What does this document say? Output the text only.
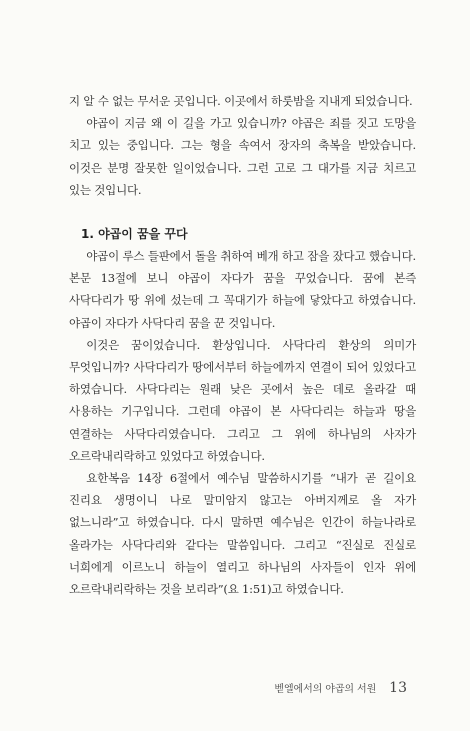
지 알 수 없는 무서운 곳입니다. 이곳에서 하룻밤을 지내게 되었습니다.

야곱이 지금 왜 이 길을 가고 있습니까? 야곱은 죄를 짓고 도망을 치고 있는 중입니다. 그는 형을 속여서 장자의 축복을 받았습니다. 이것은 분명 잘못한 일이었습니다. 그런 고로 그 대가를 지금 치르고 있는 것입니다.

1. 야곱이 꿈을 꾸다

야곱이 루스 들판에서 돌을 취하여 베개 하고 잠을 잤다고 했습니다. 본문 13절에 보니 야곱이 자다가 꿈을 꾸었습니다. 꿈에 본즉 사닥다리가 땅 위에 섰는데 그 꼭대기가 하늘에 닿았다고 하였습니다. 야곱이 자다가 사닥다리 꿈을 꾼 것입니다.

이것은 꿈이었습니다. 환상입니다. 사닥다리 환상의 의미가 무엇입니까? 사닥다리가 땅에서부터 하늘에까지 연결이 되어 있었다고 하였습니다. 사닥다리는 원래 낮은 곳에서 높은 데로 올라갈 때 사용하는 기구입니다. 그런데 야곱이 본 사닥다리는 하늘과 땅을 연결하는 사닥다리였습니다. 그리고 그 위에 하나님의 사자가 오르락내리락하고 있었다고 하였습니다.

요한복음 14장 6절에서 예수님 말씀하시기를 “내가 곧 길이요 진리요 생명이니 나로 말미암지 않고는 아버지께로 올 자가 없느니라”고 하였습니다. 다시 말하면 예수님은 인간이 하늘나라로 올라가는 사닥다리와 같다는 말씀입니다. 그리고 “진실로 진실로 너희에게 이르노니 하늘이 열리고 하나님의 사자들이 인자 위에 오르락내리락하는 것을 보리라”(요 1:51)고 하였습니다.

벧엘에서의 야곱의 서원 13
